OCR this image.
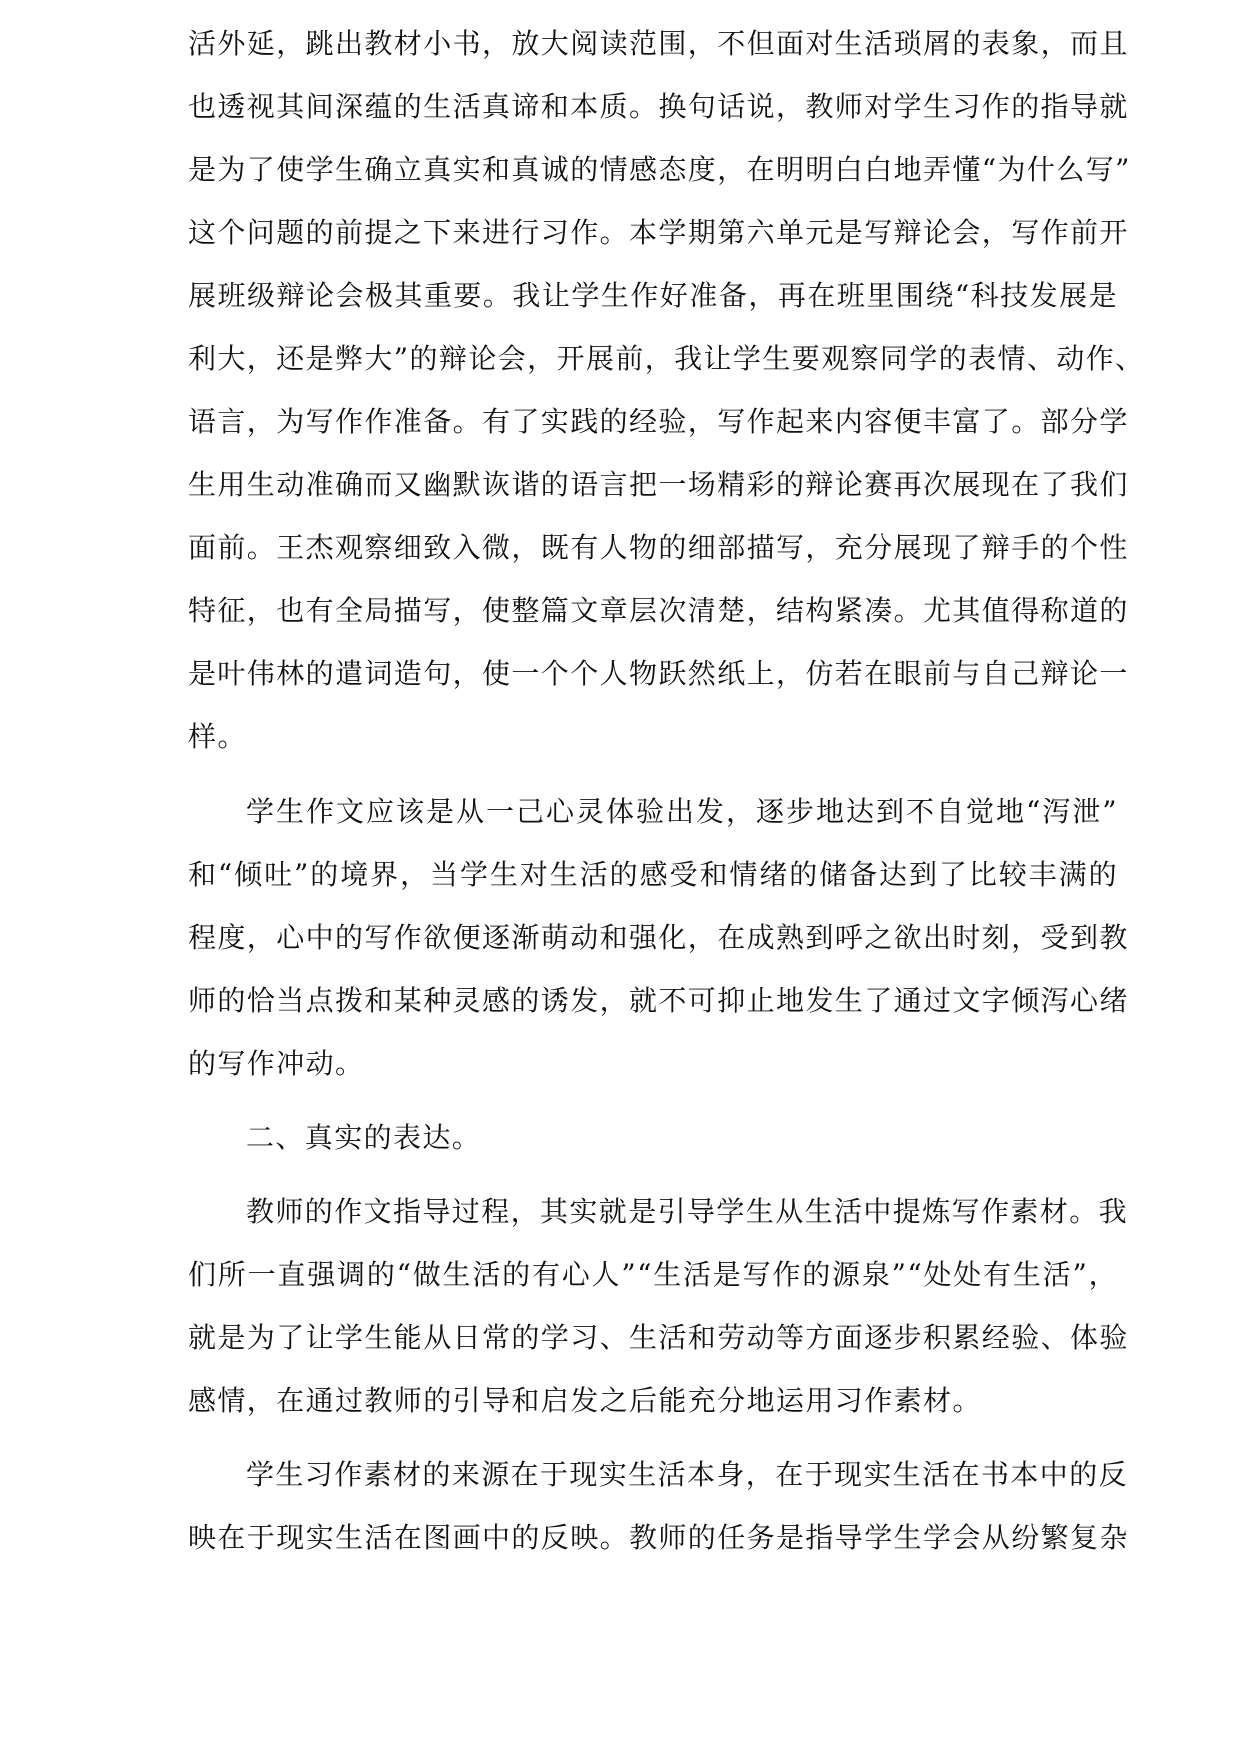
活外延，跳出教材小书，放大阅读范围，不但面对生活琐屑的表象，而且
也透视其间深蕴的生活真谛和本质。换句话说，教师对学生习作的指导就
是为了使学生确立真实和真诚的情感态度，在明明白白地弄懂“为什么写”
这个问题的前提之下来进行习作。本学期第六单元是写辩论会，写作前开
展班级辩论会极其重要。我让学生作好准备，再在班里围绕“科技发展是
利大，还是弊大”的辩论会，开展前，我让学生要观察同学的表情、动作、
语言，为写作作准备。有了实践的经验，写作起来内容便丰富了。部分学
生用生动准确而又幽默诙谐的语言把一场精彩的辩论赛再次展现在了我们
面前。王杰观察细致入微，既有人物的细部描写，充分展现了辩手的个性
特征，也有全局描写，使整篇文章层次清楚，结构紧凑。尤其值得称道的
是叶伟林的遣词造句，使一个个人物跃然纸上，仿若在眼前与自己辩论一
样。
学生作文应该是从一己心灵体验出发，逐步地达到不自觉地“泻泄”
和“倾吐”的境界，当学生对生活的感受和情绪的储备达到了比较丰满的
程度，心中的写作欲便逐渐萌动和强化，在成熟到呼之欲出时刻，受到教
师的恰当点拨和某种灵感的诱发，就不可抑止地发生了通过文字倾泻心绪
的写作冲动。
二、真实的表达。
教师的作文指导过程，其实就是引导学生从生活中提炼写作素材。我
们所一直强调的“做生活的有心人”“生活是写作的源泉”“处处有生活”，
就是为了让学生能从日常的学习、生活和劳动等方面逐步积累经验、体验
感情，在通过教师的引导和启发之后能充分地运用习作素材。
学生习作素材的来源在于现实生活本身，在于现实生活在书本中的反
映在于现实生活在图画中的反映。教师的任务是指导学生学会从纷繁复杂
